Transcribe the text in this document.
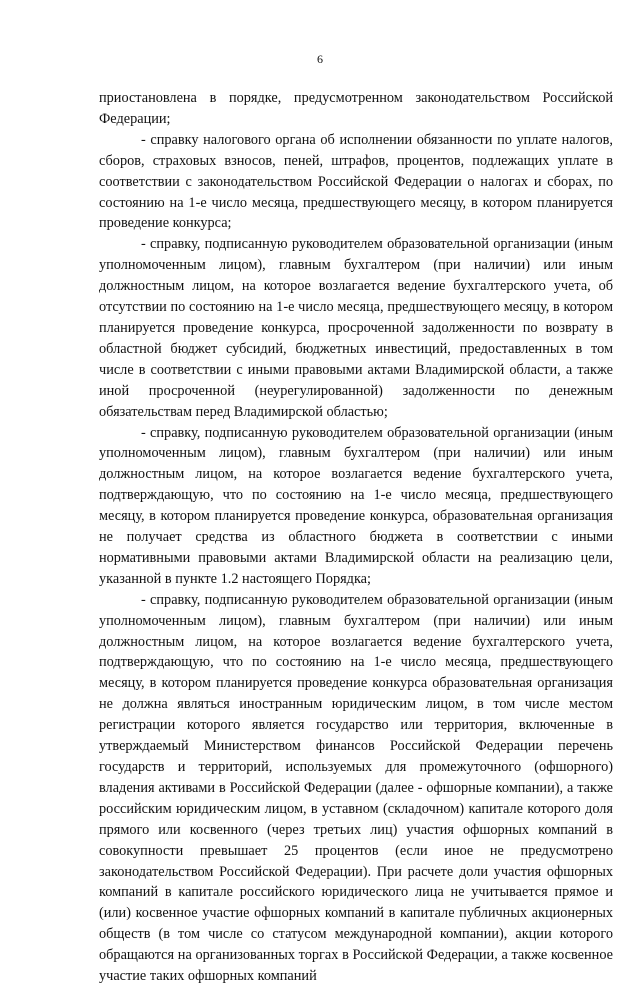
6

приостановлена в порядке, предусмотренном законодательством Российской Федерации;

- справку налогового органа об исполнении обязанности по уплате налогов, сборов, страховых взносов, пеней, штрафов, процентов, подлежащих уплате в соответствии с законодательством Российской Федерации о налогах и сборах, по состоянию на 1-е число месяца, предшествующего месяцу, в котором планируется проведение конкурса;

- справку, подписанную руководителем образовательной организации (иным уполномоченным лицом), главным бухгалтером (при наличии) или иным должностным лицом, на которое возлагается ведение бухгалтерского учета, об отсутствии по состоянию на 1-е число месяца, предшествующего месяцу, в котором планируется проведение конкурса, просроченной задолженности по возврату в областной бюджет субсидий, бюджетных инвестиций, предоставленных в том числе в соответствии с иными правовыми актами Владимирской области, а также иной просроченной (неурегулированной) задолженности по денежным обязательствам перед Владимирской областью;

- справку, подписанную руководителем образовательной организации (иным уполномоченным лицом), главным бухгалтером (при наличии) или иным должностным лицом, на которое возлагается ведение бухгалтерского учета, подтверждающую, что по состоянию на 1-е число месяца, предшествующего месяцу, в котором планируется проведение конкурса, образовательная организация не получает средства из областного бюджета в соответствии с иными нормативными правовыми актами Владимирской области на реализацию цели, указанной в пункте 1.2 настоящего Порядка;

- справку, подписанную руководителем образовательной организации (иным уполномоченным лицом), главным бухгалтером (при наличии) или иным должностным лицом, на которое возлагается ведение бухгалтерского учета, подтверждающую, что по состоянию на 1-е число месяца, предшествующего месяцу, в котором планируется проведение конкурса образовательная организация не должна являться иностранным юридическим лицом, в том числе местом регистрации которого является государство или территория, включенные в утверждаемый Министерством финансов Российской Федерации перечень государств и территорий, используемых для промежуточного (офшорного) владения активами в Российской Федерации (далее - офшорные компании), а также российским юридическим лицом, в уставном (складочном) капитале которого доля прямого или косвенного (через третьих лиц) участия офшорных компаний в совокупности превышает 25 процентов (если иное не предусмотрено законодательством Российской Федерации). При расчете доли участия офшорных компаний в капитале российского юридического лица не учитывается прямое и (или) косвенное участие офшорных компаний в капитале публичных акционерных обществ (в том числе со статусом международной компании), акции которого обращаются на организованных торгах в Российской Федерации, а также косвенное участие таких офшорных компаний
